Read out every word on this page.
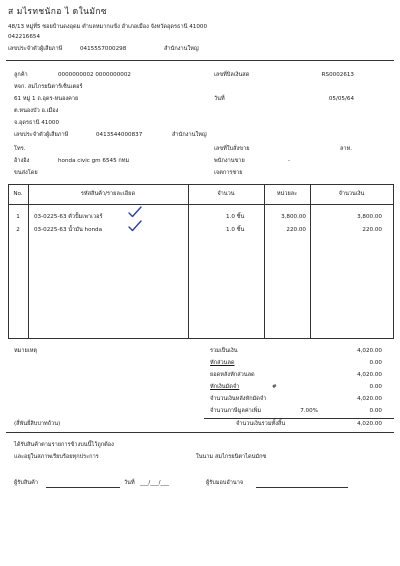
ส มไรทชนักอ ไ ดในมักซ
48/13 หมู่ที่5 ซอยบ้านดงอุดม ตำบลหมากแข้ง อำเภอเมือง จังหวัดอุดรธานี 41000
042216654
เลขประจำตัวผู้เสียภาษี	0415557000298	สำนักงานใหญ่
ลูกค้า	0000000002 0000000002	เลขที่บิลเงินสด	RS0002613
หจก. สมไกรยนิตาร์เซ็นเตอร์
61 หมู่ 1 ถ.อุดร-หนองคาย	วันที่	05/05/64
ต.หนองบัว อ.เมือง
จ.อุดรธานี 41000
เลขประจำตัวผู้เสียภาษี	0413544000837	สำนักงานใหญ่
โทร.	เลขที่ใบสั่งขาย	ลาท.
อ้างอิง	honda civic gm 6545 กทม	พนักงานขาย	-
ขนส่งโดย	เจตการชาย
No.	รหัสสินค้า/รายละเอียด	จำนวน	หน่วยละ	จำนวนเงิน
1	03-0225-63 ตัวปั้มเพาเวอร์	1.0 ชิ้น	3,800.00	3,800.00
2	03-0225-63 น้ำมัน honda	1.0 ชิ้น	220.00	220.00
หมายเหตุ	รวมเป็นเงิน	4,020.00
หักส่วนลด	0.00
ยอดหลังหักส่วนลด	4,020.00
หักเงินมัดจำ	#	0.00
จำนวนเงินหลังหักมัดจำ	4,020.00
จำนวนภาษีมูลค่าเพิ่ม	7.00%	0.00
(สี่พันยี่สิบบาทถ้วน)	จำนวนเงินรวมทั้งสิ้น	4,020.00
ได้รับสินค้าตามรายการข้างบนนี้ไว้ถูกต้อง
และอยู่ในสภาพเรียบร้อยทุกประการ	ในนาม สมไกรยนิตาไดนมักซ
ผู้รับสินค้า	วันที่ ___/___/___	ผู้รับมอบอำนาจ
